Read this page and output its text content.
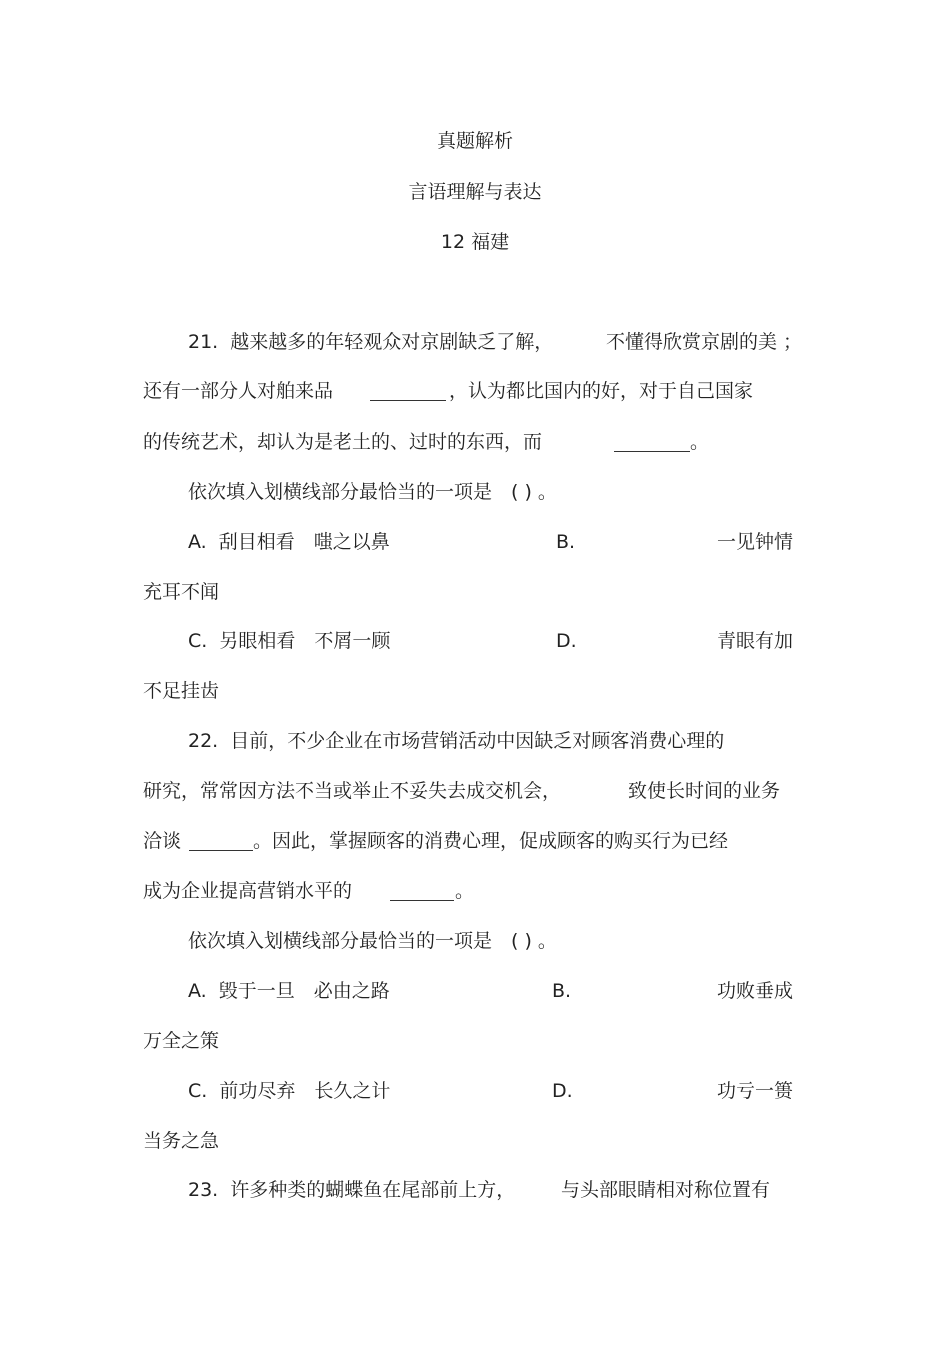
真题解析
言语理解与表达
12 福建
21.  越来越多的年轻观众对京剧缺乏了解，	不懂得欣赏京剧的美 ；
还有一部分人对舶来品	，认为都比国内的好，对于自己国家
的传统艺术，却认为是老土的、过时的东西，而	。
依次填入划横线部分最恰当的一项是　( ) 。
A.  刮目相看　嗤之以鼻	B.	一见钟情
充耳不闻
C.  另眼相看　不屑一顾	D.	青眼有加
不足挂齿
22.  目前，不少企业在市场营销活动中因缺乏对顾客消费心理的
研究，常常因方法不当或举止不妥失去成交机会，	致使长时间的业务
洽谈	。因此，掌握顾客的消费心理，促成顾客的购买行为已经
成为企业提高营销水平的	。
依次填入划横线部分最恰当的一项是　( ) 。
A.  毁于一旦　必由之路	B.	功败垂成
万全之策
C.  前功尽弃　长久之计	D.	功亏一篑
当务之急
23.  许多种类的蝴蝶鱼在尾部前上方， 与头部眼睛相对称位置有
